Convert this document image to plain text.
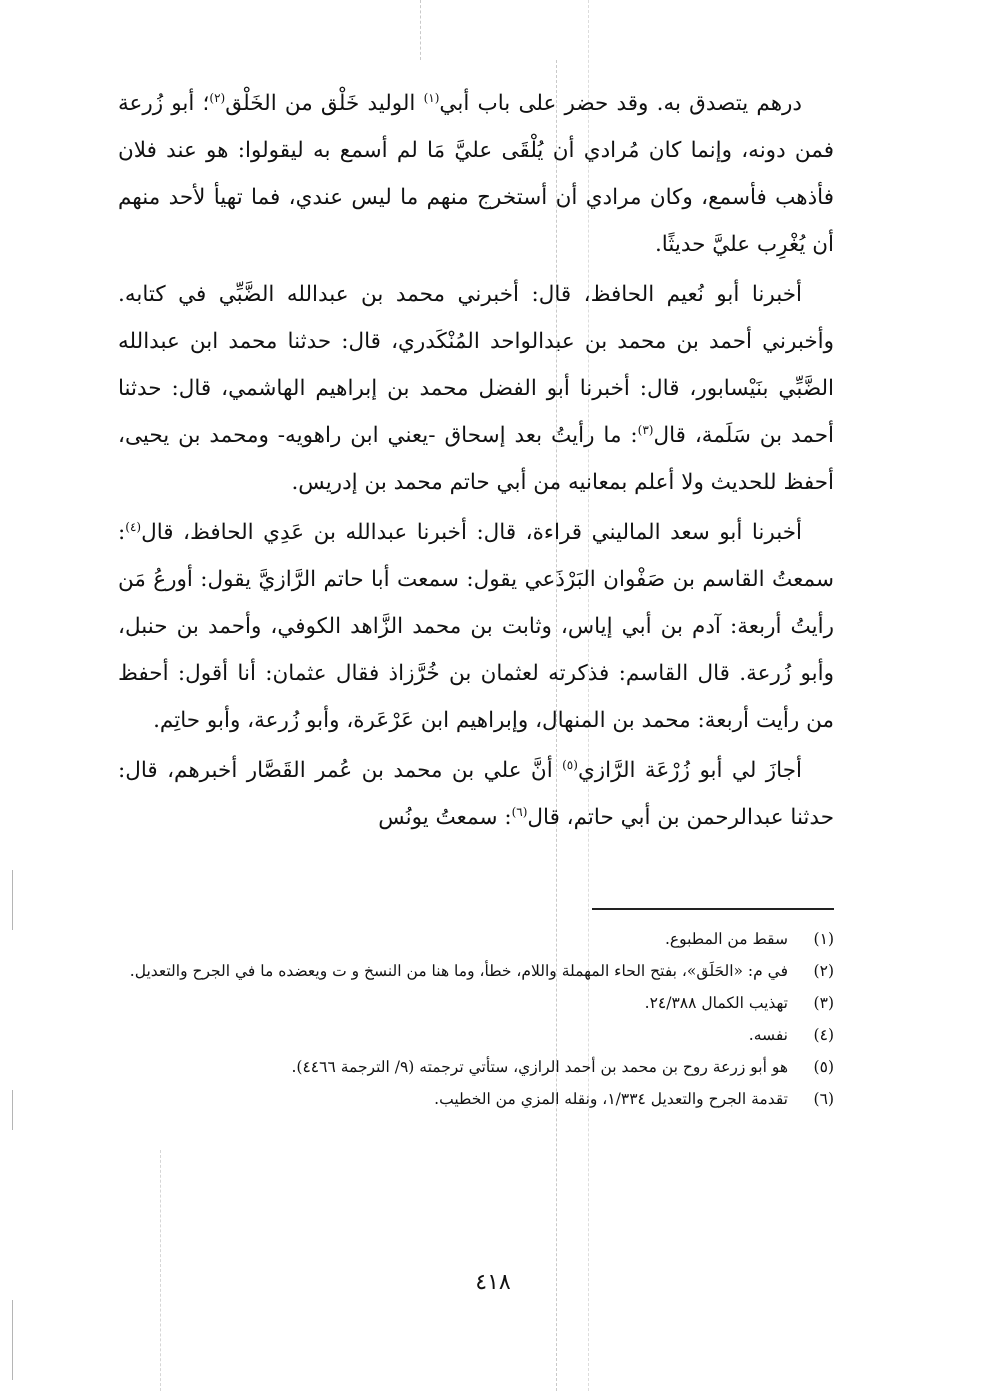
درهم يتصدق به. وقد حضر على باب أبي$^{(١)}$ الوليد خَلْق من الخَلْق$^{(٢)}$؛ أبو زُرعة فمن دونه، وإنما كان مُرادي أن يُلْقَى عليَّ مَا لم أسمع به ليقولوا: هو عند فلان فأذهب فأسمع، وكان مرادي أن أستخرج منهم ما ليس عندي، فما تهيأ لأحد منهم أن يُغْرِب عليَّ حديثًا.

أخبرنا أبو نُعيم الحافظ، قال: أخبرني محمد بن عبدالله الضَّبِّي في كتابه. وأخبرني أحمد بن محمد بن عبدالواحد المُنْكَدري، قال: حدثنا محمد ابن عبدالله الضَّبِّي بنَيْسابور، قال: أخبرنا أبو الفضل محمد بن إبراهيم الهاشمي، قال: حدثنا أحمد بن سَلَمة، قال$^{(٣)}$: ما رأيتُ بعد إسحاق -يعني ابن راهويه- ومحمد بن يحيى، أحفظ للحديث ولا أعلم بمعانيه من أبي حاتم محمد بن إدريس.

أخبرنا أبو سعد الماليني قراءة، قال: أخبرنا عبدالله بن عَدِي الحافظ، قال$^{(٤)}$: سمعتُ القاسم بن صَفْوان البَرْذَعي يقول: سمعت أبا حاتم الرَّازيَّ يقول: أورعُ مَن رأيتُ أربعة: آدم بن أبي إياس، وثابت بن محمد الزَّاهد الكوفي، وأحمد بن حنبل، وأبو زُرعة. قال القاسم: فذكرته لعثمان بن خُرَّزاذ فقال عثمان: أنا أقول: أحفظ من رأيت أربعة: محمد بن المنهال، وإبراهيم ابن عَرْعَرة، وأبو زُرعة، وأبو حاتِم.

أجازَ لي أبو زُرْعَة الرَّازي$^{(٥)}$ أنَّ علي بن محمد بن عُمر القَصَّار أخبرهم، قال: حدثنا عبدالرحمن بن أبي حاتم، قال$^{(٦)}$: سمعتُ يونُس

(١)
سقط من المطبوع.
(٢)
في م: «الحَلَق»، بفتح الحاء المهملة واللام، خطأ، وما هنا من النسخ و ت ويعضده ما في الجرح والتعديل.
(٣)
تهذيب الكمال ٢٤/٣٨٨.
(٤)
نفسه.
(٥)
هو أبو زرعة روح بن محمد بن أحمد الرازي، ستأتي ترجمته (٩/ الترجمة ٤٤٦٦).
(٦)
تقدمة الجرح والتعديل ١/٣٣٤، ونقله المزي من الخطيب.
٤١٨
